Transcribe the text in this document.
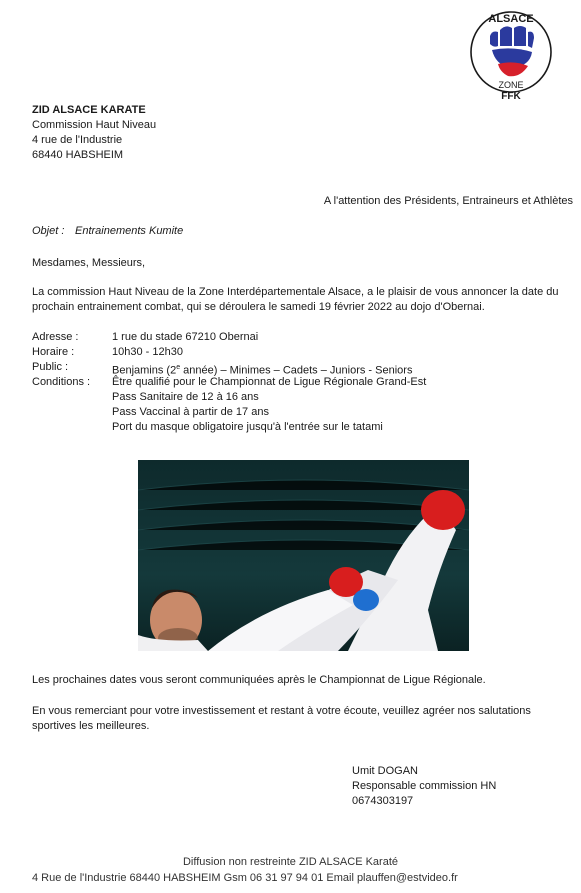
ALSACE
ZONE
FFK
ZID ALSACE KARATE
Commission Haut Niveau
4 rue de l'Industrie
68440 HABSHEIM
A l'attention des Présidents, Entraineurs et Athlètes
Objet : Entrainements Kumite
Mesdames, Messieurs,
La commission Haut Niveau de la Zone Interdépartementale Alsace, a le plaisir de vous annoncer la date du
prochain entrainement combat, qui se déroulera le samedi 19 février 2022 au dojo d'Obernai.
Adresse :	1 rue du stade 67210 Obernai
Horaire :	10h30 - 12h30
Public :	Benjamins (2e année) – Minimes – Cadets – Juniors - Seniors
Conditions : Être qualifié pour le Championnat de Ligue Régionale Grand-Est
Pass Sanitaire de 12 à 16 ans
Pass Vaccinal à partir de 17 ans
Port du masque obligatoire jusqu'à l'entrée sur le tatami
Les prochaines dates vous seront communiquées après le Championnat de Ligue Régionale.
En vous remerciant pour votre investissement et restant à votre écoute, veuillez agréer nos salutations
sportives les meilleures.
Umit DOGAN
Responsable commission HN
0674303197
Diffusion non restreinte ZID ALSACE Karaté
4 Rue de l'Industrie 68440 HABSHEIM Gsm 06 31 97 94 01 Email plauffen@estvideo.fr
